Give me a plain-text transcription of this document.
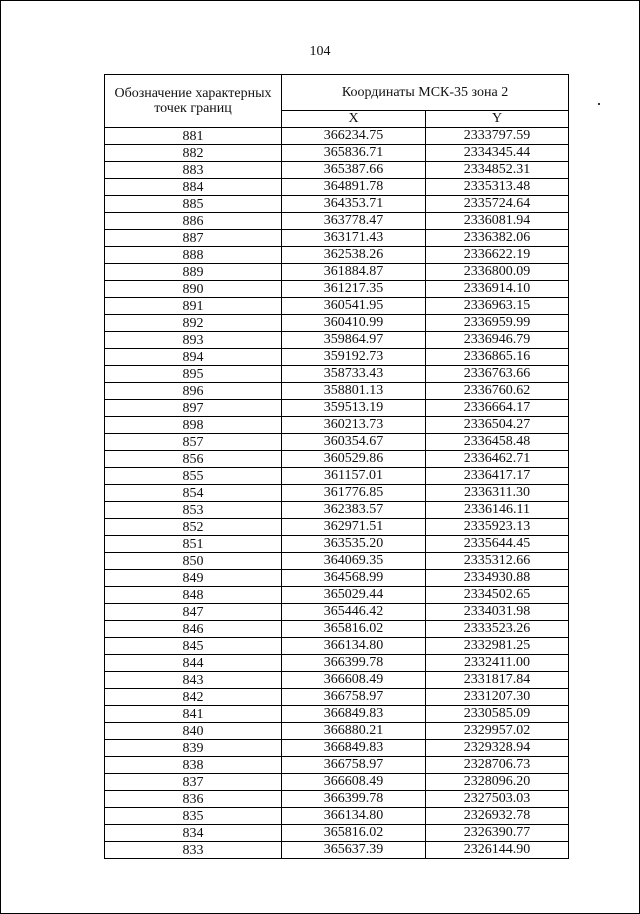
104
Обозначение характерных точек границ	Координаты МСК-35 зона 2	
	X	Y
881	366234.75	2333797.59
882	365836.71	2334345.44
883	365387.66	2334852.31
884	364891.78	2335313.48
885	364353.71	2335724.64
886	363778.47	2336081.94
887	363171.43	2336382.06
888	362538.26	2336622.19
889	361884.87	2336800.09
890	361217.35	2336914.10
891	360541.95	2336963.15
892	360410.99	2336959.99
893	359864.97	2336946.79
894	359192.73	2336865.16
895	358733.43	2336763.66
896	358801.13	2336760.62
897	359513.19	2336664.17
898	360213.73	2336504.27
857	360354.67	2336458.48
856	360529.86	2336462.71
855	361157.01	2336417.17
854	361776.85	2336311.30
853	362383.57	2336146.11
852	362971.51	2335923.13
851	363535.20	2335644.45
850	364069.35	2335312.66
849	364568.99	2334930.88
848	365029.44	2334502.65
847	365446.42	2334031.98
846	365816.02	2333523.26
845	366134.80	2332981.25
844	366399.78	2332411.00
843	366608.49	2331817.84
842	366758.97	2331207.30
841	366849.83	2330585.09
840	366880.21	2329957.02
839	366849.83	2329328.94
838	366758.97	2328706.73
837	366608.49	2328096.20
836	366399.78	2327503.03
835	366134.80	2326932.78
834	365816.02	2326390.77
833	365637.39	2326144.90
